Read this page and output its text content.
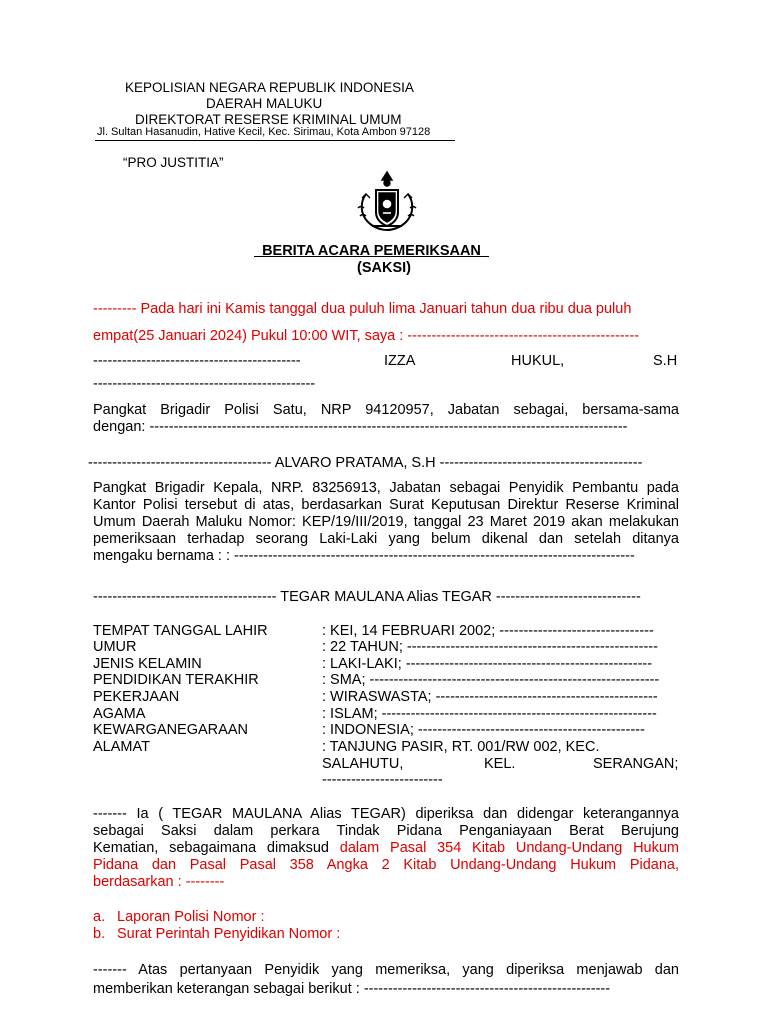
KEPOLISIAN NEGARA REPUBLIK INDONESIA
DAERAH MALUKU
DIREKTORAT RESERSE KRIMINAL UMUM
Jl. Sultan Hasanudin, Hative Kecil, Kec. Sirimau, Kota Ambon 97128
“PRO JUSTITIA”
BERITA ACARA PEMERIKSAAN
(SAKSI)
--------- Pada hari ini Kamis tanggal dua puluh lima Januari tahun dua ribu dua puluh
empat(25 Januari 2024) Pukul 10:00 WIT, saya : ------------------------------------------------
-------------------------------------------	IZZA	HUKUL,	S.H
----------------------------------------------
Pangkat Brigadir Polisi Satu, NRP 94120957, Jabatan sebagai, bersama-sama
dengan: ---------------------------------------------------------------------------------------------------
-------------------------------------- ALVARO PRATAMA, S.H ------------------------------------------
Pangkat Brigadir Kepala, NRP. 83256913, Jabatan sebagai Penyidik Pembantu pada
Kantor Polisi tersebut di atas, berdasarkan Surat Keputusan Direktur Reserse Kriminal
Umum Daerah Maluku Nomor: KEP/19/III/2019, tanggal 23 Maret 2019 akan melakukan
pemeriksaan terhadap seorang Laki-Laki yang belum dikenal dan setelah ditanya
mengaku bernama : : -----------------------------------------------------------------------------------
-------------------------------------- TEGAR MAULANA Alias TEGAR ------------------------------
TEMPAT TANGGAL LAHIR	: KEI, 14 FEBRUARI 2002; --------------------------------
UMUR	: 22 TAHUN; ----------------------------------------------------
JENIS KELAMIN	: LAKI-LAKI; ---------------------------------------------------
PENDIDIKAN TERAKHIR	: SMA; ------------------------------------------------------------
PEKERJAAN	: WIRASWASTA; ----------------------------------------------
AGAMA	: ISLAM; ---------------------------------------------------------
KEWARGANEGARAAN	: INDONESIA; -----------------------------------------------
ALAMAT	: TANJUNG PASIR, RT. 001/RW 002, KEC.
SALAHUTU,	KEL.	SERANGAN;
-------------------------
------- Ia ( TEGAR MAULANA Alias TEGAR) diperiksa dan didengar keterangannya
sebagai Saksi dalam perkara Tindak Pidana Penganiayaan Berat Berujung
Kematian, sebagaimana dimaksud dalam Pasal 354 Kitab Undang-Undang Hukum
Pidana dan Pasal Pasal 358 Angka 2 Kitab Undang-Undang Hukum Pidana,
berdasarkan : --------
a. Laporan Polisi Nomor :
b. Surat Perintah Penyidikan Nomor :
------- Atas pertanyaan Penyidik yang memeriksa, yang diperiksa menjawab dan
memberikan keterangan sebagai berikut : ---------------------------------------------------
